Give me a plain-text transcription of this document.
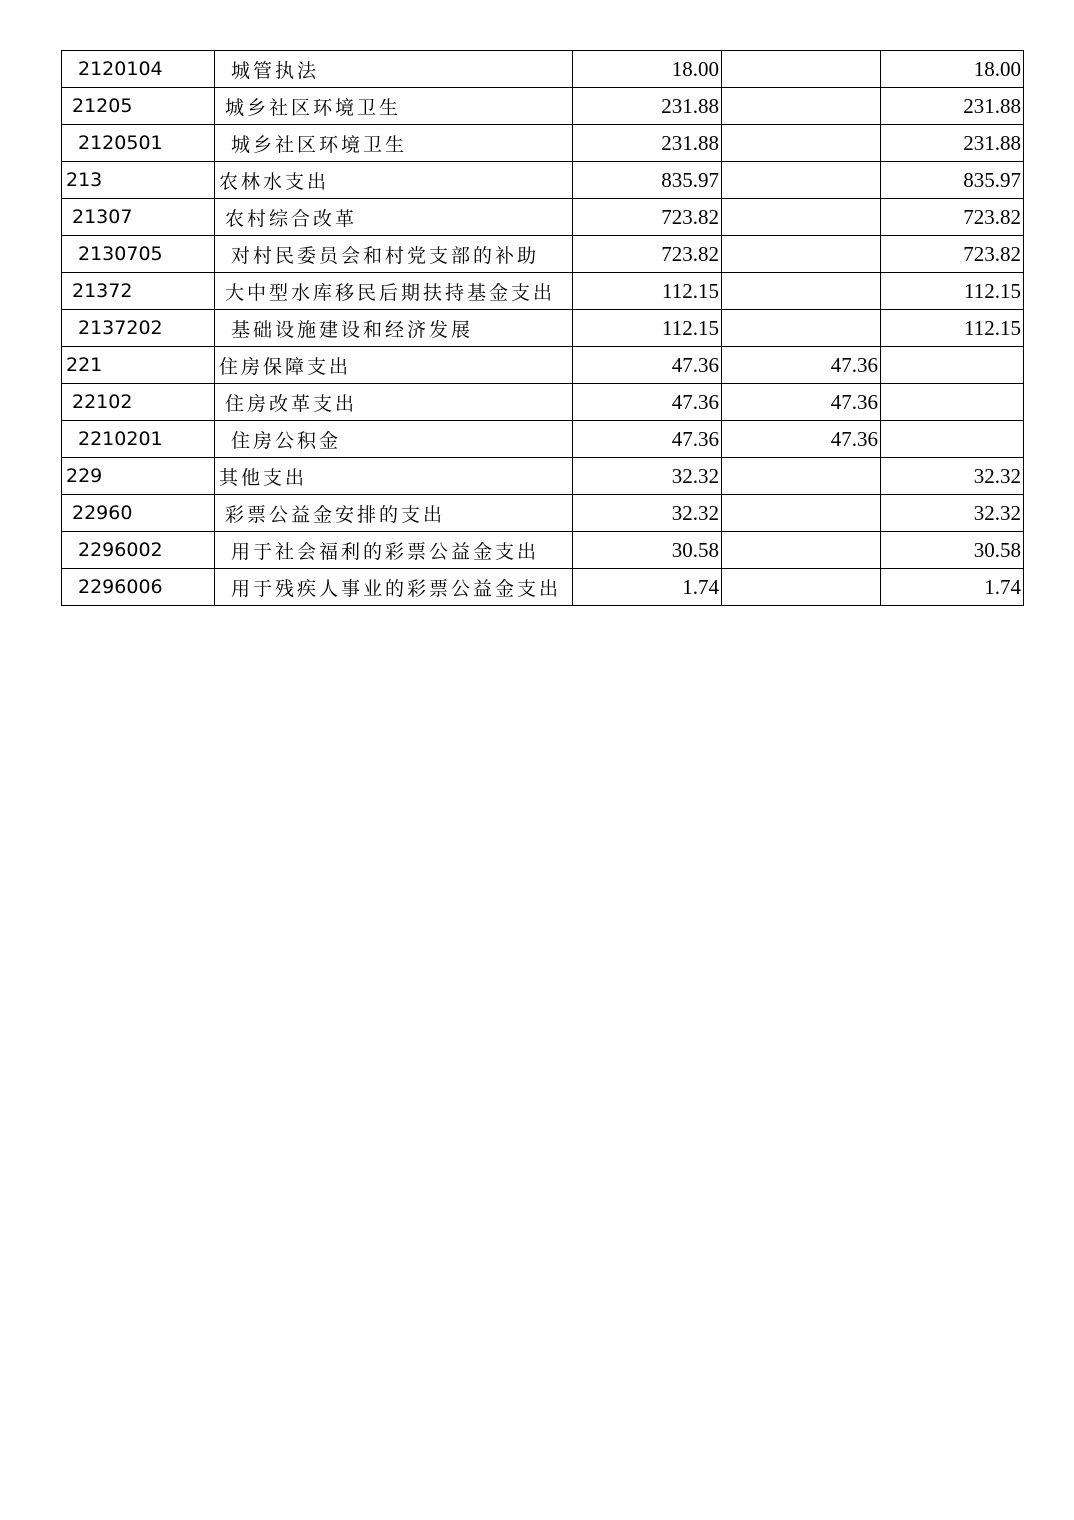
2120104	城管执法	18.00		18.00
21205	城乡社区环境卫生	231.88		231.88
2120501	城乡社区环境卫生	231.88		231.88
213	农林水支出	835.97		835.97
21307	农村综合改革	723.82		723.82
2130705	对村民委员会和村党支部的补助	723.82		723.82
21372	大中型水库移民后期扶持基金支出	112.15		112.15
2137202	基础设施建设和经济发展	112.15		112.15
221	住房保障支出	47.36	47.36	
22102	住房改革支出	47.36	47.36	
2210201	住房公积金	47.36	47.36	
229	其他支出	32.32		32.32
22960	彩票公益金安排的支出	32.32		32.32
2296002	用于社会福利的彩票公益金支出	30.58		30.58
2296006	用于残疾人事业的彩票公益金支出	1.74		1.74
